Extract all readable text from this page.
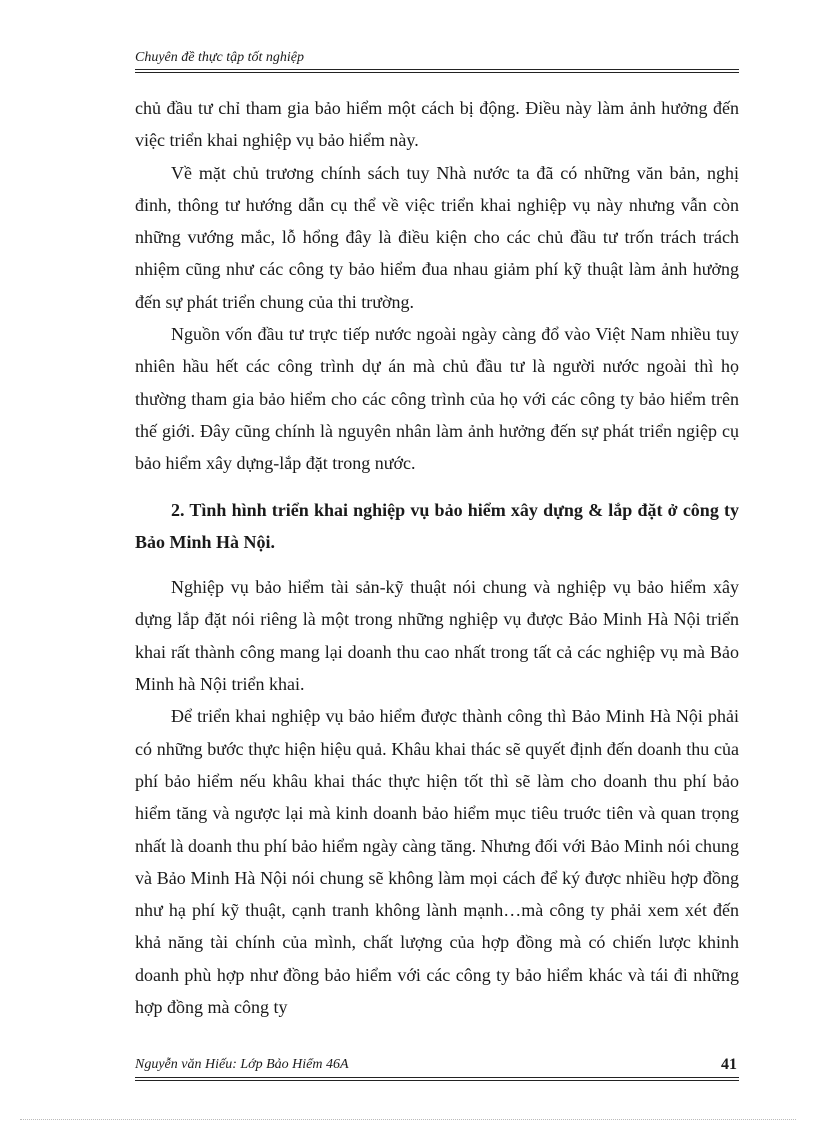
Chuyên đề thực tập tốt nghiệp

chủ đầu tư chỉ tham gia bảo hiểm một cách bị động. Điều này làm ảnh hưởng đến việc triển khai nghiệp vụ bảo hiểm này.

Về mặt chủ trương chính sách tuy Nhà nước ta đã có những văn bản, nghị đinh, thông tư hướng dẫn cụ thể về việc triển khai nghiệp vụ này nhưng vẫn còn những vướng mắc, lỗ hổng đây là điều kiện cho các chủ đầu tư trốn trách trách nhiệm cũng như các công ty bảo hiểm đua nhau giảm phí kỹ thuật làm ảnh hưởng đến sự phát triển chung của thi trường.

Nguồn vốn đầu tư trực tiếp nước ngoài ngày càng đổ vào Việt Nam nhiều tuy nhiên hầu hết các công trình dự án mà chủ đầu tư là người nước ngoài thì họ thường tham gia bảo hiểm cho các công trình của họ với các công ty bảo hiểm trên thế giới. Đây cũng chính là nguyên nhân làm ảnh hưởng đến sự phát triển ngiệp cụ bảo hiểm xây dựng-lắp đặt trong nước.

2. Tình hình triển khai nghiệp vụ bảo hiểm xây dựng & lắp đặt ở công ty Bảo Minh Hà Nội.

Nghiệp vụ bảo hiểm tài sản-kỹ thuật nói chung và nghiệp vụ bảo hiểm xây dựng lắp đặt nói riêng là một trong những nghiệp vụ được Bảo Minh Hà Nội triển khai rất thành công mang lại doanh thu cao nhất trong tất cả các nghiệp vụ mà Bảo Minh hà Nội triển khai.

Để triển khai nghiệp vụ bảo hiểm được thành công thì Bảo Minh Hà Nội phải có những bước thực hiện hiệu quả. Khâu khai thác sẽ quyết định đến doanh thu của phí bảo hiểm nếu khâu khai thác thực hiện tốt thì sẽ làm cho doanh thu phí bảo hiểm tăng và ngược lại mà kinh doanh bảo hiểm mục tiêu truớc tiên và quan trọng nhất là doanh thu phí bảo hiểm ngày càng tăng. Nhưng đối với Bảo Minh nói chung và Bảo Minh Hà Nội nói chung sẽ không làm mọi cách để ký được nhiều hợp đồng như hạ phí kỹ thuật, cạnh tranh không lành mạnh…mà công ty phải xem xét đến khả năng tài chính của mình, chất lượng của hợp đồng mà có chiến lược khinh doanh phù hợp như đồng bảo hiểm với các công ty bảo hiểm khác và tái đi những hợp đồng mà công ty

Nguyễn văn Hiếu: Lớp Bảo Hiểm 46A	41
